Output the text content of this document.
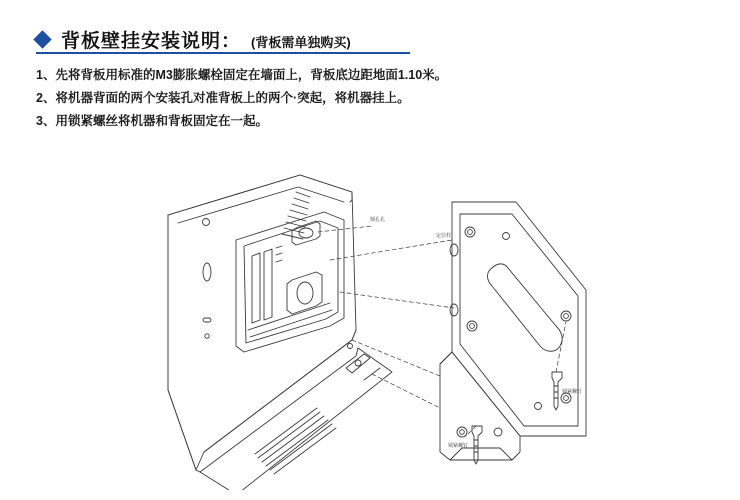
背板壁挂安装说明： (背板需单独购买)
1、先将背板用标准的M3膨胀螺栓固定在墙面上，背板底边距地面1.10米。
2、将机器背面的两个安装孔对准背板上的两个·突起，将机器挂上。
3、用锁紧螺丝将机器和背板固定在一起。
锁孔孔
定位柱
锁紧螺钉
锁紧螺钉
